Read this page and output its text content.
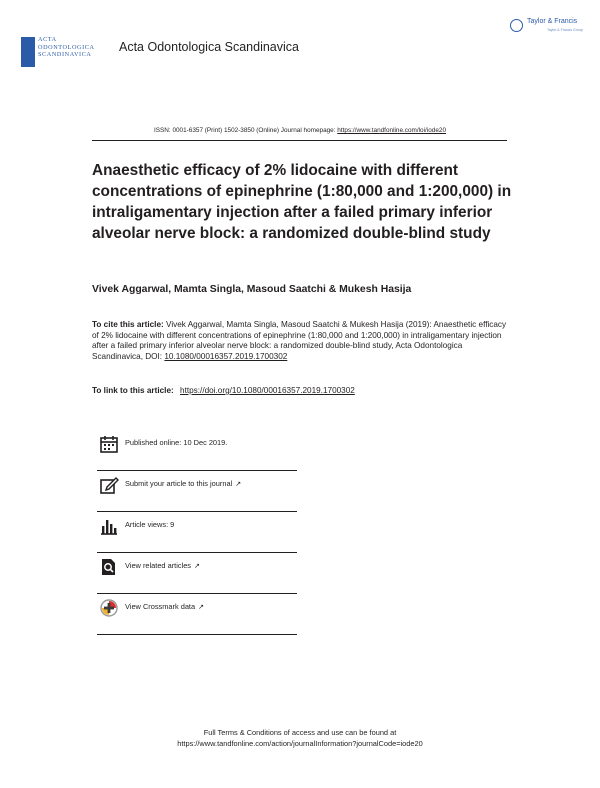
ACTA
ODONTOLOGICA
SCANDINAVICA
Acta Odontologica Scandinavica
Taylor & Francis
Taylor & Francis Group
ISSN: 0001-6357 (Print) 1502-3850 (Online) Journal homepage: https://www.tandfonline.com/loi/iode20
Anaesthetic efficacy of 2% lidocaine with different concentrations of epinephrine (1:80,000 and 1:200,000) in intraligamentary injection after a failed primary inferior alveolar nerve block: a randomized double-blind study
Vivek Aggarwal, Mamta Singla, Masoud Saatchi & Mukesh Hasija
To cite this article: Vivek Aggarwal, Mamta Singla, Masoud Saatchi & Mukesh Hasija (2019): Anaesthetic efficacy of 2% lidocaine with different concentrations of epinephrine (1:80,000 and 1:200,000) in intraligamentary injection after a failed primary inferior alveolar nerve block: a randomized double-blind study, Acta Odontologica Scandinavica, DOI: 10.1080/00016357.2019.1700302
To link to this article: https://doi.org/10.1080/00016357.2019.1700302
Published online: 10 Dec 2019.
Submit your article to this journal ↗
Article views: 9
View related articles ↗
View Crossmark data ↗
Full Terms & Conditions of access and use can be found at
https://www.tandfonline.com/action/journalInformation?journalCode=iode20
